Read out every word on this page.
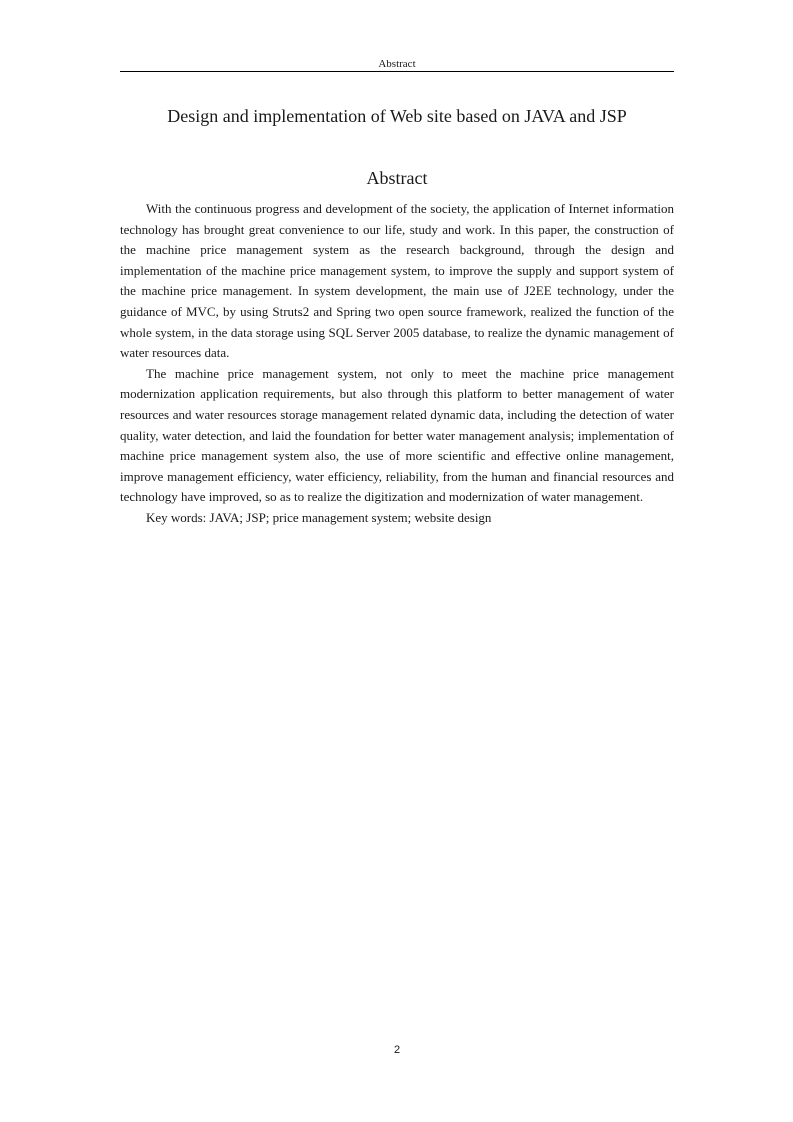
Abstract
Design and implementation of Web site based on JAVA and JSP
Abstract

With the continuous progress and development of the society, the application of Internet information technology has brought great convenience to our life, study and work. In this paper, the construction of the machine price management system as the research background, through the design and implementation of the machine price management system, to improve the supply and support system of the machine price management. In system development, the main use of J2EE technology, under the guidance of MVC, by using Struts2 and Spring two open source framework, realized the function of the whole system, in the data storage using SQL Server 2005 database, to realize the dynamic management of water resources data.

The machine price management system, not only to meet the machine price management modernization application requirements, but also through this platform to better management of water resources and water resources storage management related dynamic data, including the detection of water quality, water detection, and laid the foundation for better water management analysis; implementation of machine price management system also, the use of more scientific and effective online management, improve management efficiency, water efficiency, reliability, from the human and financial resources and technology have improved, so as to realize the digitization and modernization of water management.

Key words: JAVA; JSP; price management system; website design

2
